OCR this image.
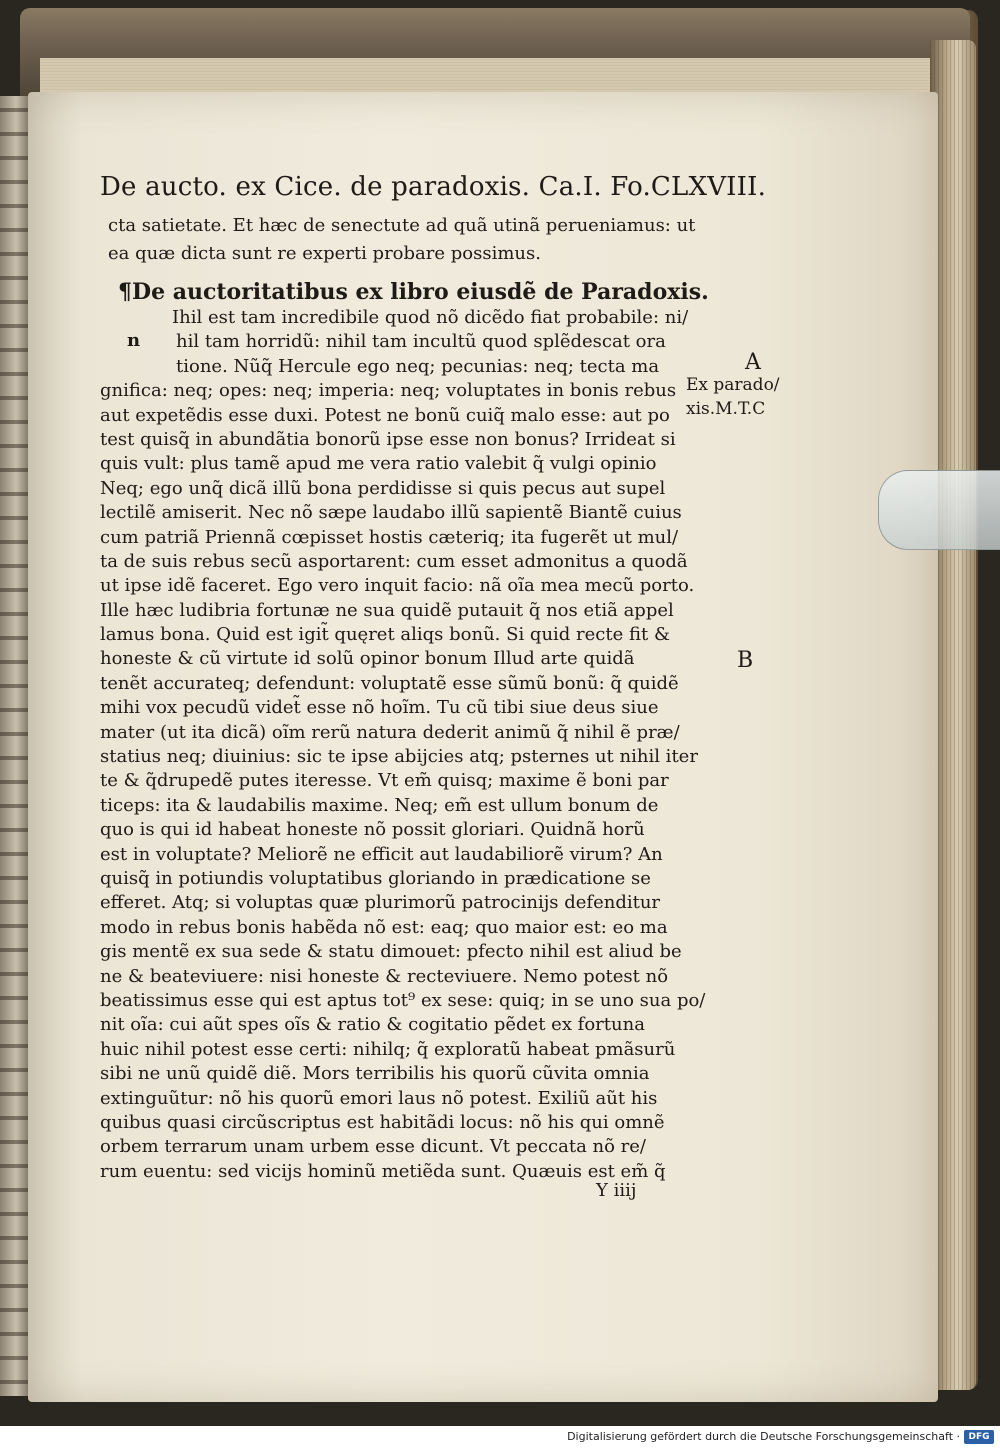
De aucto. ex Cice. de paradoxis. Ca.I. Fo.CLXVIII.
cta satietate. Et hæc de senectute ad quã utinã perueniamus: ut
ea quæ dicta sunt re experti probare possimus.
¶De auctoritatibus ex libro eiusdẽ de Paradoxis.
n
Ihil est tam incredibile quod nõ dicẽdo fiat probabile: ni/
hil tam horridũ: nihil tam incultũ quod splẽdescat ora
tione. Nũq̃ Hercule ego neq; pecunias: neq; tecta ma
gnifica: neq; opes: neq; imperia: neq; voluptates in bonis rebus
aut expetẽdis esse duxi. Potest ne bonũ cuiq̃ malo esse: aut po
test quisq̃ in abundãtia bonorũ ipse esse non bonus? Irrideat si
quis vult: plus tamẽ apud me vera ratio valebit q̃ vulgi opinio
Neq; ego unq̃ dicã illũ bona perdidisse si quis pecus aut supel
lectilẽ amiserit. Nec nõ sæpe laudabo illũ sapientẽ Biantẽ cuius
cum patriã Priennã cœpisset hostis cæteriq; ita fugerẽt ut mul/
ta de suis rebus secũ asportarent: cum esset admonitus a quodã
ut ipse idẽ faceret. Ego vero inquit facio: nã oĩa mea mecũ porto.
Ille hæc ludibria fortunæ ne sua quidẽ putauit q̃ nos etiã appel
lamus bona. Quid est igit̃ quęret aliqs bonũ. Si quid recte fit &
honeste & cũ virtute id solũ opinor bonum Illud arte quidã
tenẽt accurateq; defendunt: voluptatẽ esse sũmũ bonũ: q̃ quidẽ
mihi vox pecudũ videt̃ esse nõ hoĩm. Tu cũ tibi siue deus siue
mater (ut ita dicã) oĩm rerũ natura dederit animũ q̃ nihil ẽ præ/
statius neq; diuinius: sic te ipse abijcies atq; psternes ut nihil iter
te & q̃drupedẽ putes iteresse. Vt em̃ quisq; maxime ẽ boni par
ticeps: ita & laudabilis maxime. Neq; em̃ est ullum bonum de
quo is qui id habeat honeste nõ possit gloriari. Quidnã horũ
est in voluptate? Meliorẽ ne efficit aut laudabiliorẽ virum? An
quisq̃ in potiundis voluptatibus gloriando in prædicatione se
efferet. Atq; si voluptas quæ plurimorũ patrocinijs defenditur
modo in rebus bonis habẽda nõ est: eaq; quo maior est: eo ma
gis mentẽ ex sua sede & statu dimouet: pfecto nihil est aliud be
ne & beateviuere: nisi honeste & recteviuere. Nemo potest nõ
beatissimus esse qui est aptus tot⁹ ex sese: quiq; in se uno sua po/
nit oĩa: cui aũt spes oĩs & ratio & cogitatio pẽdet ex fortuna
huic nihil potest esse certi: nihilq; q̃ exploratũ habeat pmãsurũ
sibi ne unũ quidẽ diẽ. Mors terribilis his quorũ cũvita omnia
extinguũtur: nõ his quorũ emori laus nõ potest. Exiliũ aũt his
quibus quasi circũscriptus est habitãdi locus: nõ his qui omnẽ
orbem terrarum unam urbem esse dicunt. Vt peccata nõ re/
rum euentu: sed vicijs hominũ metiẽda sunt. Quæuis est em̃ q̃
A
Ex parado/
xis.M.T.C
B
Y iiij
Digitalisierung gefördert durch die Deutsche Forschungsgemeinschaft · DFG
